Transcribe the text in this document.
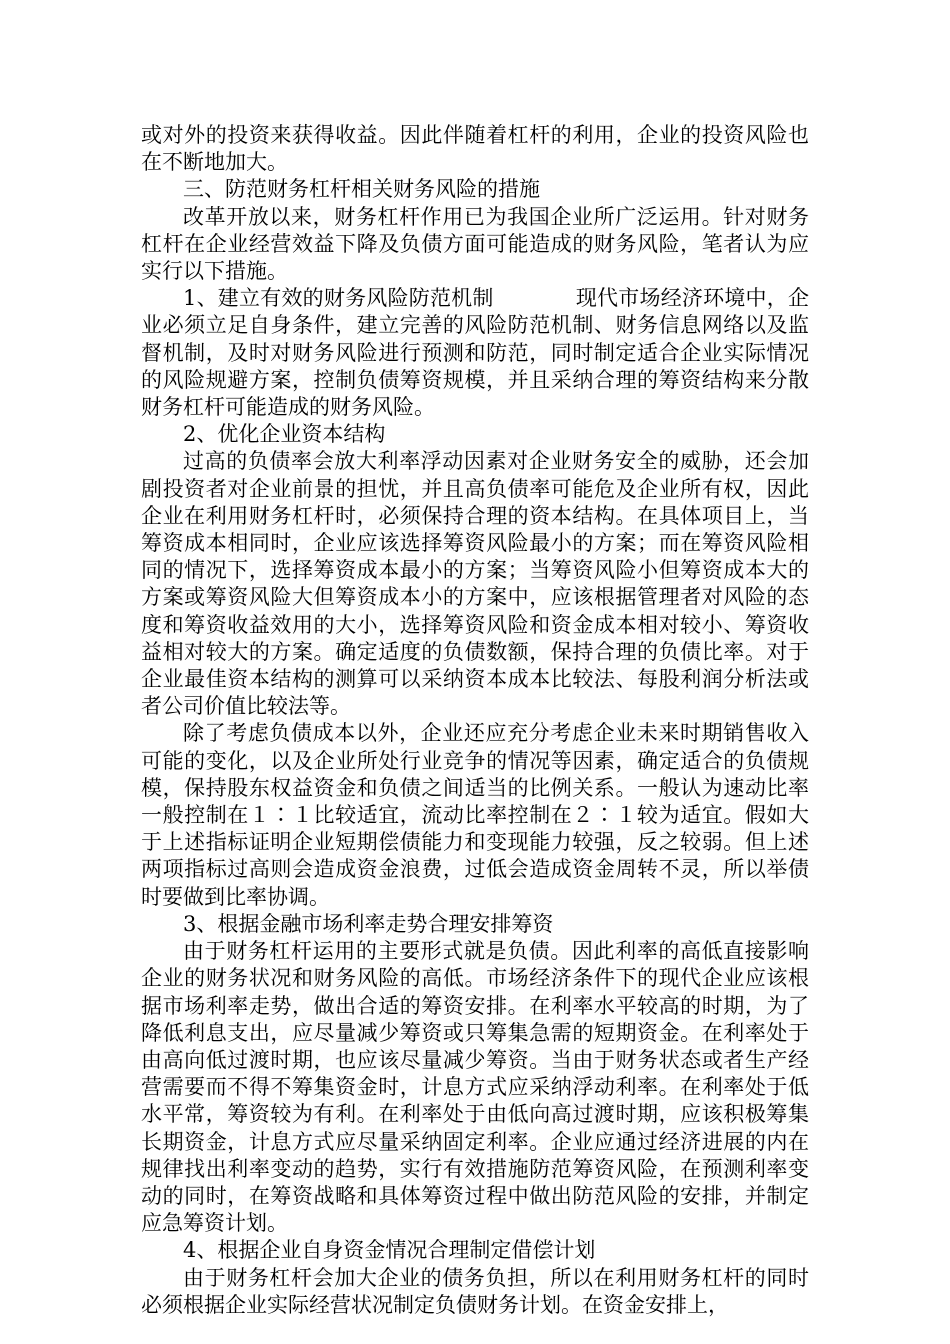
或对外的投资来获得收益。因此伴随着杠杆的利用，企业的投资风险也在不断地加大。

三、防范财务杠杆相关财务风险的措施

改革开放以来，财务杠杆作用已为我国企业所广泛运用。针对财务杠杆在企业经营效益下降及负债方面可能造成的财务风险，笔者认为应实行以下措施。

1、建立有效的财务风险防范机制	现代市场经济环境中，企业必须立足自身条件，建立完善的风险防范机制、财务信息网络以及监督机制，及时对财务风险进行预测和防范，同时制定适合企业实际情况的风险规避方案，控制负债筹资规模，并且采纳合理的筹资结构来分散财务杠杆可能造成的财务风险。

2、优化企业资本结构

过高的负债率会放大利率浮动因素对企业财务安全的威胁，还会加剧投资者对企业前景的担忧，并且高负债率可能危及企业所有权，因此企业在利用财务杠杆时，必须保持合理的资本结构。在具体项目上，当筹资成本相同时，企业应该选择筹资风险最小的方案；而在筹资风险相同的情况下，选择筹资成本最小的方案；当筹资风险小但筹资成本大的方案或筹资风险大但筹资成本小的方案中，应该根据管理者对风险的态度和筹资收益效用的大小，选择筹资风险和资金成本相对较小、筹资收益相对较大的方案。确定适度的负债数额，保持合理的负债比率。对于企业最佳资本结构的测算可以采纳资本成本比较法、每股利润分析法或者公司价值比较法等。

除了考虑负债成本以外，企业还应充分考虑企业未来时期销售收入可能的变化，以及企业所处行业竞争的情况等因素，确定适合的负债规模，保持股东权益资金和负债之间适当的比例关系。一般认为速动比率一般控制在１∶１比较适宜，流动比率控制在２∶１较为适宜。假如大于上述指标证明企业短期偿债能力和变现能力较强，反之较弱。但上述两项指标过高则会造成资金浪费，过低会造成资金周转不灵，所以举债时要做到比率协调。

3、根据金融市场利率走势合理安排筹资

由于财务杠杆运用的主要形式就是负债。因此利率的高低直接影响企业的财务状况和财务风险的高低。市场经济条件下的现代企业应该根据市场利率走势，做出合适的筹资安排。在利率水平较高的时期，为了降低利息支出，应尽量减少筹资或只筹集急需的短期资金。在利率处于由高向低过渡时期，也应该尽量减少筹资。当由于财务状态或者生产经营需要而不得不筹集资金时，计息方式应采纳浮动利率。在利率处于低水平常，筹资较为有利。在利率处于由低向高过渡时期，应该积极筹集长期资金，计息方式应尽量采纳固定利率。企业应通过经济进展的内在规律找出利率变动的趋势，实行有效措施防范筹资风险，在预测利率变动的同时，在筹资战略和具体筹资过程中做出防范风险的安排，并制定应急筹资计划。

4、根据企业自身资金情况合理制定借偿计划

由于财务杠杆会加大企业的债务负担，所以在利用财务杠杆的同时必须根据企业实际经营状况制定负债财务计划。在资金安排上，
